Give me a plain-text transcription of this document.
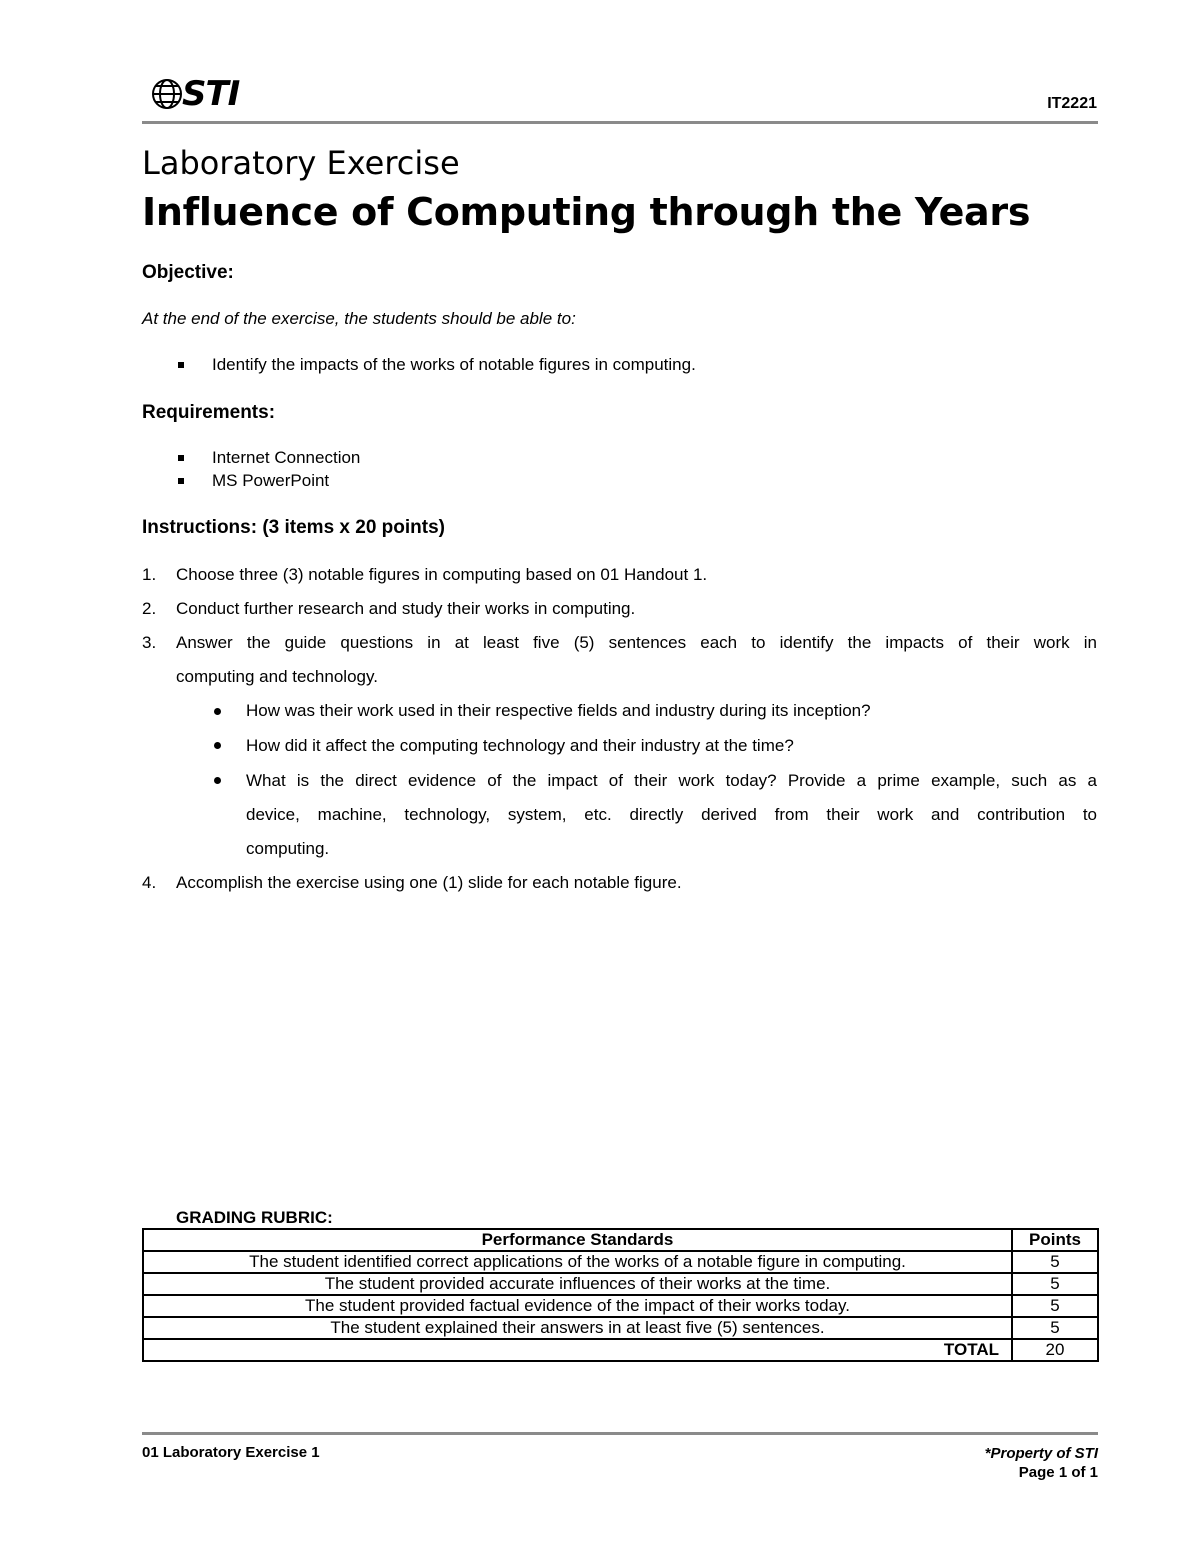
STI	IT2221
Laboratory Exercise
Influence of Computing through the Years
Objective:
At the end of the exercise, the students should be able to:
Identify the impacts of the works of notable figures in computing.
Requirements:
Internet Connection
MS PowerPoint
Instructions: (3 items x 20 points)
1. Choose three (3) notable figures in computing based on 01 Handout 1.
2. Conduct further research and study their works in computing.
3. Answer the guide questions in at least five (5) sentences each to identify the impacts of their work in
computing and technology.
How was their work used in their respective fields and industry during its inception?
How did it affect the computing technology and their industry at the time?
What is the direct evidence of the impact of their work today? Provide a prime example, such as a
device, machine, technology, system, etc. directly derived from their work and contribution to
computing.
4. Accomplish the exercise using one (1) slide for each notable figure.
GRADING RUBRIC:
Performance Standards	Points
The student identified correct applications of the works of a notable figure in computing.	5
The student provided accurate influences of their works at the time.	5
The student provided factual evidence of the impact of their works today.	5
The student explained their answers in at least five (5) sentences.	5
TOTAL	20
01 Laboratory Exercise 1	*Property of STI
Page 1 of 1
